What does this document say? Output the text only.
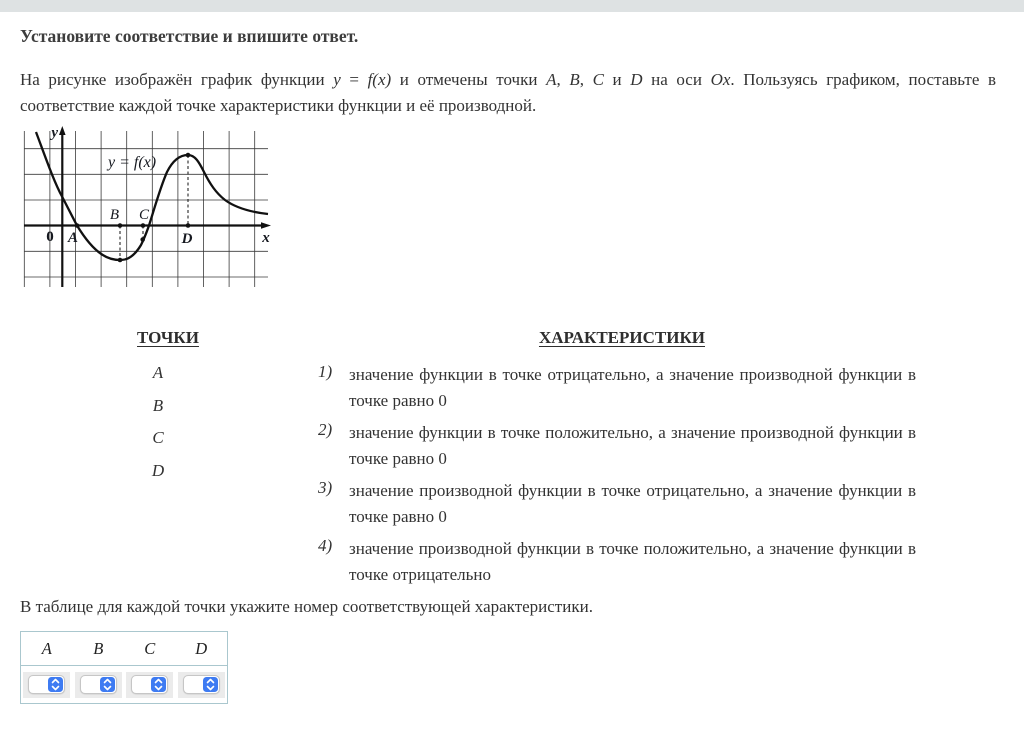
Установите соответствие и впишите ответ.
На рисунке изображён график функции y = f(x) и отмечены точки A, B, C и D на оси Ox. Пользуясь графиком, поставьте в соответствие каждой точке характеристики функции и её производной.
y = f(x)
y
x
0 A
B C
D
ТОЧКИ	ХАРАКТЕРИСТИКИ
A
B
C
D
1) значение функции в точке отрицательно, а значение производной функции в точке равно 0
2) значение функции в точке положительно, а значение производной функции в точке равно 0
3) значение производной функции в точке отрицательно, а значение функции в точке равно 0
4) значение производной функции в точке положительно, а значение функции в точке отрицательно
В таблице для каждой точки укажите номер соответствующей характеристики.
A	B	C	D
